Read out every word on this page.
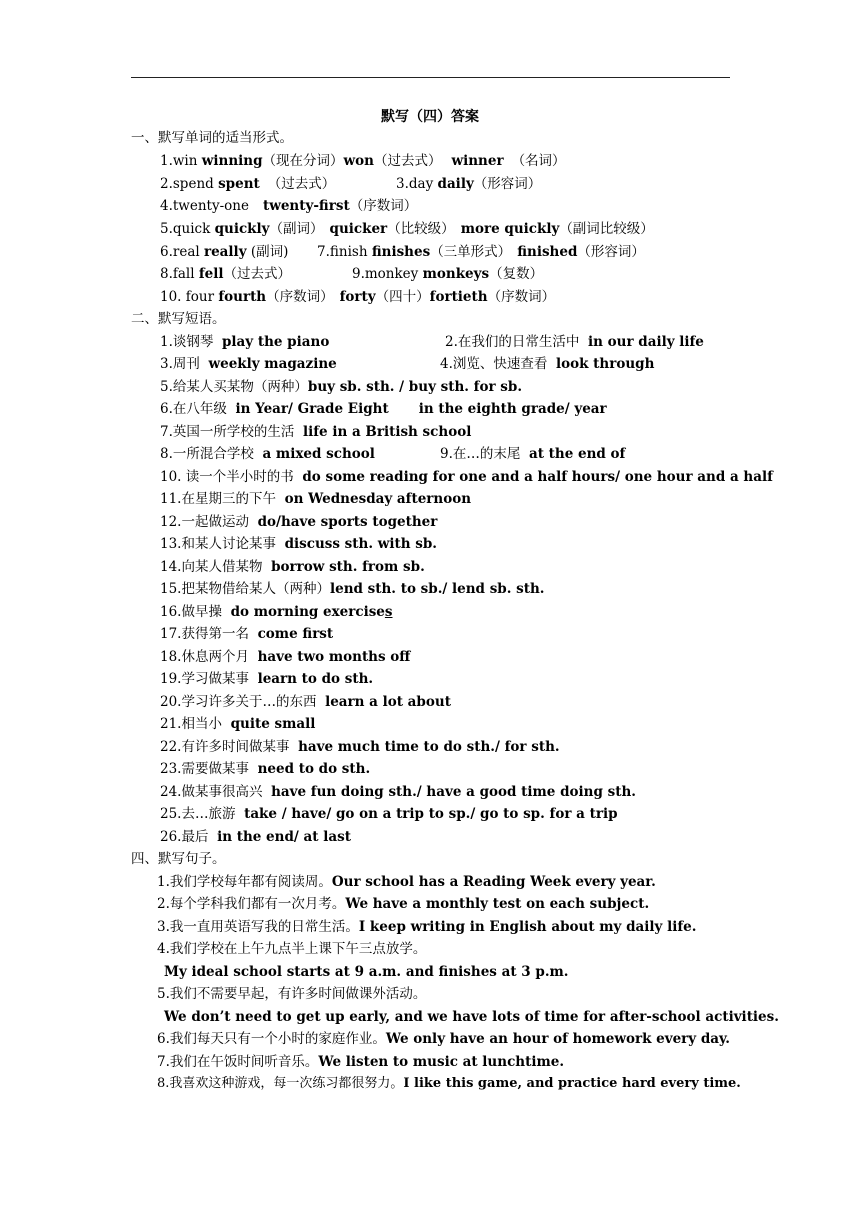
默写（四）答案
一、默写单词的适当形式。
1.win winning（现在分词）won（过去式） winner （名词）
2.spend spent （过去式）	3.day daily（形容词）
4.twenty-one twenty-first（序数词）
5.quick quickly（副词） quicker（比较级） more quickly（副词比较级）
6.real really (副词) 7.finish finishes（三单形式） finished（形容词）
8.fall fell（过去式）	9.monkey monkeys（复数）
10. four fourth（序数词） forty（四十）fortieth（序数词）
二、默写短语。
1.谈钢琴 play the piano	2.在我们的日常生活中 in our daily life
3.周刊 weekly magazine	4.浏览、快速查看 look through
5.给某人买某物（两种）buy sb. sth. / buy sth. for sb.
6.在八年级 in Year/ Grade Eight in the eighth grade/ year
7.英国一所学校的生活 life in a British school
8.一所混合学校 a mixed school	9.在…的末尾 at the end of
10. 读一个半小时的书 do some reading for one and a half hours/ one hour and a half
11.在星期三的下午 on Wednesday afternoon
12.一起做运动 do/have sports together
13.和某人讨论某事 discuss sth. with sb.
14.向某人借某物 borrow sth. from sb.
15.把某物借给某人（两种）lend sth. to sb./ lend sb. sth.
16.做早操 do morning exercises
17.获得第一名 come first
18.休息两个月 have two months off
19.学习做某事 learn to do sth.
20.学习许多关于…的东西 learn a lot about
21.相当小 quite small
22.有许多时间做某事 have much time to do sth./ for sth.
23.需要做某事 need to do sth.
24.做某事很高兴 have fun doing sth./ have a good time doing sth.
25.去…旅游 take / have/ go on a trip to sp./ go to sp. for a trip
26.最后 in the end/ at last
四、默写句子。
1.我们学校每年都有阅读周。Our school has a Reading Week every year.
2.每个学科我们都有一次月考。We have a monthly test on each subject.
3.我一直用英语写我的日常生活。I keep writing in English about my daily life.
4.我们学校在上午九点半上课下午三点放学。
My ideal school starts at 9 a.m. and finishes at 3 p.m.
5.我们不需要早起，有许多时间做课外活动。
We don’t need to get up early, and we have lots of time for after-school activities.
6.我们每天只有一个小时的家庭作业。We only have an hour of homework every day.
7.我们在午饭时间听音乐。We listen to music at lunchtime.
8.我喜欢这种游戏，每一次练习都很努力。I like this game, and practice hard every time.
